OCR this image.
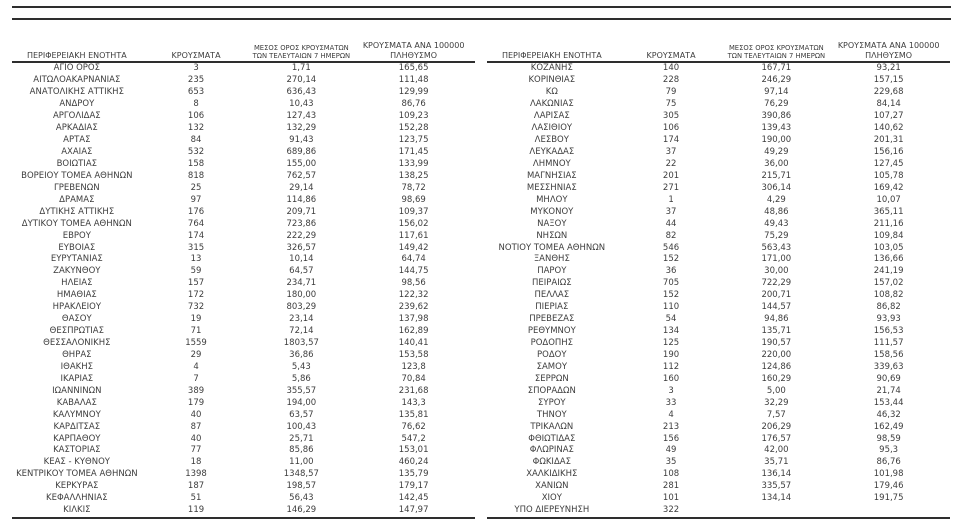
ΠΕΡΙΦΕΡΕΙΑΚΗ ΕΝΟΤΗΤΑ	ΚΡΟΥΣΜΑΤΑ
ΜΕΣΟΣ ΟΡΟΣ ΚΡΟΥΣΜΑΤΩΝ
ΤΩΝ ΤΕΛΕΥΤΑΙΩΝ 7 ΗΜΕΡΩΝ
ΚΡΟΥΣΜΑΤΑ ΑΝΑ 100000
ΠΛΗΘΥΣΜΟ
ΑΓΙΟ ΟΡΟΣ	3	1,71	165,65
ΑΙΤΩΛΟΑΚΑΡΝΑΝΙΑΣ	235	270,14	111,48
ΑΝΑΤΟΛΙΚΗΣ ΑΤΤΙΚΗΣ	653	636,43	129,99
ΑΝΔΡΟΥ	8	10,43	86,76
ΑΡΓΟΛΙΔΑΣ	106	127,43	109,23
ΑΡΚΑΔΙΑΣ	132	132,29	152,28
ΑΡΤΑΣ	84	91,43	123,75
ΑΧΑΪΑΣ	532	689,86	171,45
ΒΟΙΩΤΙΑΣ	158	155,00	133,99
ΒΟΡΕΙΟΥ ΤΟΜΕΑ ΑΘΗΝΩΝ	818	762,57	138,25
ΓΡΕΒΕΝΩΝ	25	29,14	78,72
ΔΡΑΜΑΣ	97	114,86	98,69
ΔΥΤΙΚΗΣ ΑΤΤΙΚΗΣ	176	209,71	109,37
ΔΥΤΙΚΟΥ ΤΟΜΕΑ ΑΘΗΝΩΝ	764	723,86	156,02
ΕΒΡΟΥ	174	222,29	117,61
ΕΥΒΟΙΑΣ	315	326,57	149,42
ΕΥΡΥΤΑΝΙΑΣ	13	10,14	64,74
ΖΑΚΥΝΘΟΥ	59	64,57	144,75
ΗΛΕΙΑΣ	157	234,71	98,56
ΗΜΑΘΙΑΣ	172	180,00	122,32
ΗΡΑΚΛΕΙΟΥ	732	803,29	239,62
ΘΑΣΟΥ	19	23,14	137,98
ΘΕΣΠΡΩΤΙΑΣ	71	72,14	162,89
ΘΕΣΣΑΛΟΝΙΚΗΣ	1559	1803,57	140,41
ΘΗΡΑΣ	29	36,86	153,58
ΙΘΑΚΗΣ	4	5,43	123,8
ΙΚΑΡΙΑΣ	7	5,86	70,84
ΙΩΑΝΝΙΝΩΝ	389	355,57	231,68
ΚΑΒΑΛΑΣ	179	194,00	143,3
ΚΑΛΥΜΝΟΥ	40	63,57	135,81
ΚΑΡΔΙΤΣΑΣ	87	100,43	76,62
ΚΑΡΠΑΘΟΥ	40	25,71	547,2
ΚΑΣΤΟΡΙΑΣ	77	85,86	153,01
ΚΕΑΣ - ΚΥΘΝΟΥ	18	11,00	460,24
ΚΕΝΤΡΙΚΟΥ ΤΟΜΕΑ ΑΘΗΝΩΝ	1398	1348,57	135,79
ΚΕΡΚΥΡΑΣ	187	198,57	179,17
ΚΕΦΑΛΛΗΝΙΑΣ	51	56,43	142,45
ΚΙΛΚΙΣ	119	146,29	147,97
ΠΕΡΙΦΕΡΕΙΑΚΗ ΕΝΟΤΗΤΑ	ΚΡΟΥΣΜΑΤΑ
ΜΕΣΟΣ ΟΡΟΣ ΚΡΟΥΣΜΑΤΩΝ
ΤΩΝ ΤΕΛΕΥΤΑΙΩΝ 7 ΗΜΕΡΩΝ
ΚΡΟΥΣΜΑΤΑ ΑΝΑ 100000
ΠΛΗΘΥΣΜΟ
ΚΟΖΑΝΗΣ	140	167,71	93,21
ΚΟΡΙΝΘΙΑΣ	228	246,29	157,15
ΚΩ	79	97,14	229,68
ΛΑΚΩΝΙΑΣ	75	76,29	84,14
ΛΑΡΙΣΑΣ	305	390,86	107,27
ΛΑΣΙΘΙΟΥ	106	139,43	140,62
ΛΕΣΒΟΥ	174	190,00	201,31
ΛΕΥΚΑΔΑΣ	37	49,29	156,16
ΛΗΜΝΟΥ	22	36,00	127,45
ΜΑΓΝΗΣΙΑΣ	201	215,71	105,78
ΜΕΣΣΗΝΙΑΣ	271	306,14	169,42
ΜΗΛΟΥ	1	4,29	10,07
ΜΥΚΟΝΟΥ	37	48,86	365,11
ΝΑΞΟΥ	44	49,43	211,16
ΝΗΣΩΝ	82	75,29	109,84
ΝΟΤΙΟΥ ΤΟΜΕΑ ΑΘΗΝΩΝ	546	563,43	103,05
ΞΑΝΘΗΣ	152	171,00	136,66
ΠΑΡΟΥ	36	30,00	241,19
ΠΕΙΡΑΙΩΣ	705	722,29	157,02
ΠΕΛΛΑΣ	152	200,71	108,82
ΠΙΕΡΙΑΣ	110	144,57	86,82
ΠΡΕΒΕΖΑΣ	54	94,86	93,93
ΡΕΘΥΜΝΟΥ	134	135,71	156,53
ΡΟΔΟΠΗΣ	125	190,57	111,57
ΡΟΔΟΥ	190	220,00	158,56
ΣΑΜΟΥ	112	124,86	339,63
ΣΕΡΡΩΝ	160	160,29	90,69
ΣΠΟΡΑΔΩΝ	3	5,00	21,74
ΣΥΡΟΥ	33	32,29	153,44
ΤΗΝΟΥ	4	7,57	46,32
ΤΡΙΚΑΛΩΝ	213	206,29	162,49
ΦΘΙΩΤΙΔΑΣ	156	176,57	98,59
ΦΛΩΡΙΝΑΣ	49	42,00	95,3
ΦΩΚΙΔΑΣ	35	35,71	86,76
ΧΑΛΚΙΔΙΚΗΣ	108	136,14	101,98
ΧΑΝΙΩΝ	281	335,57	179,46
ΧΙΟΥ	101	134,14	191,75
ΥΠΟ ΔΙΕΡΕΥΝΗΣΗ	322
